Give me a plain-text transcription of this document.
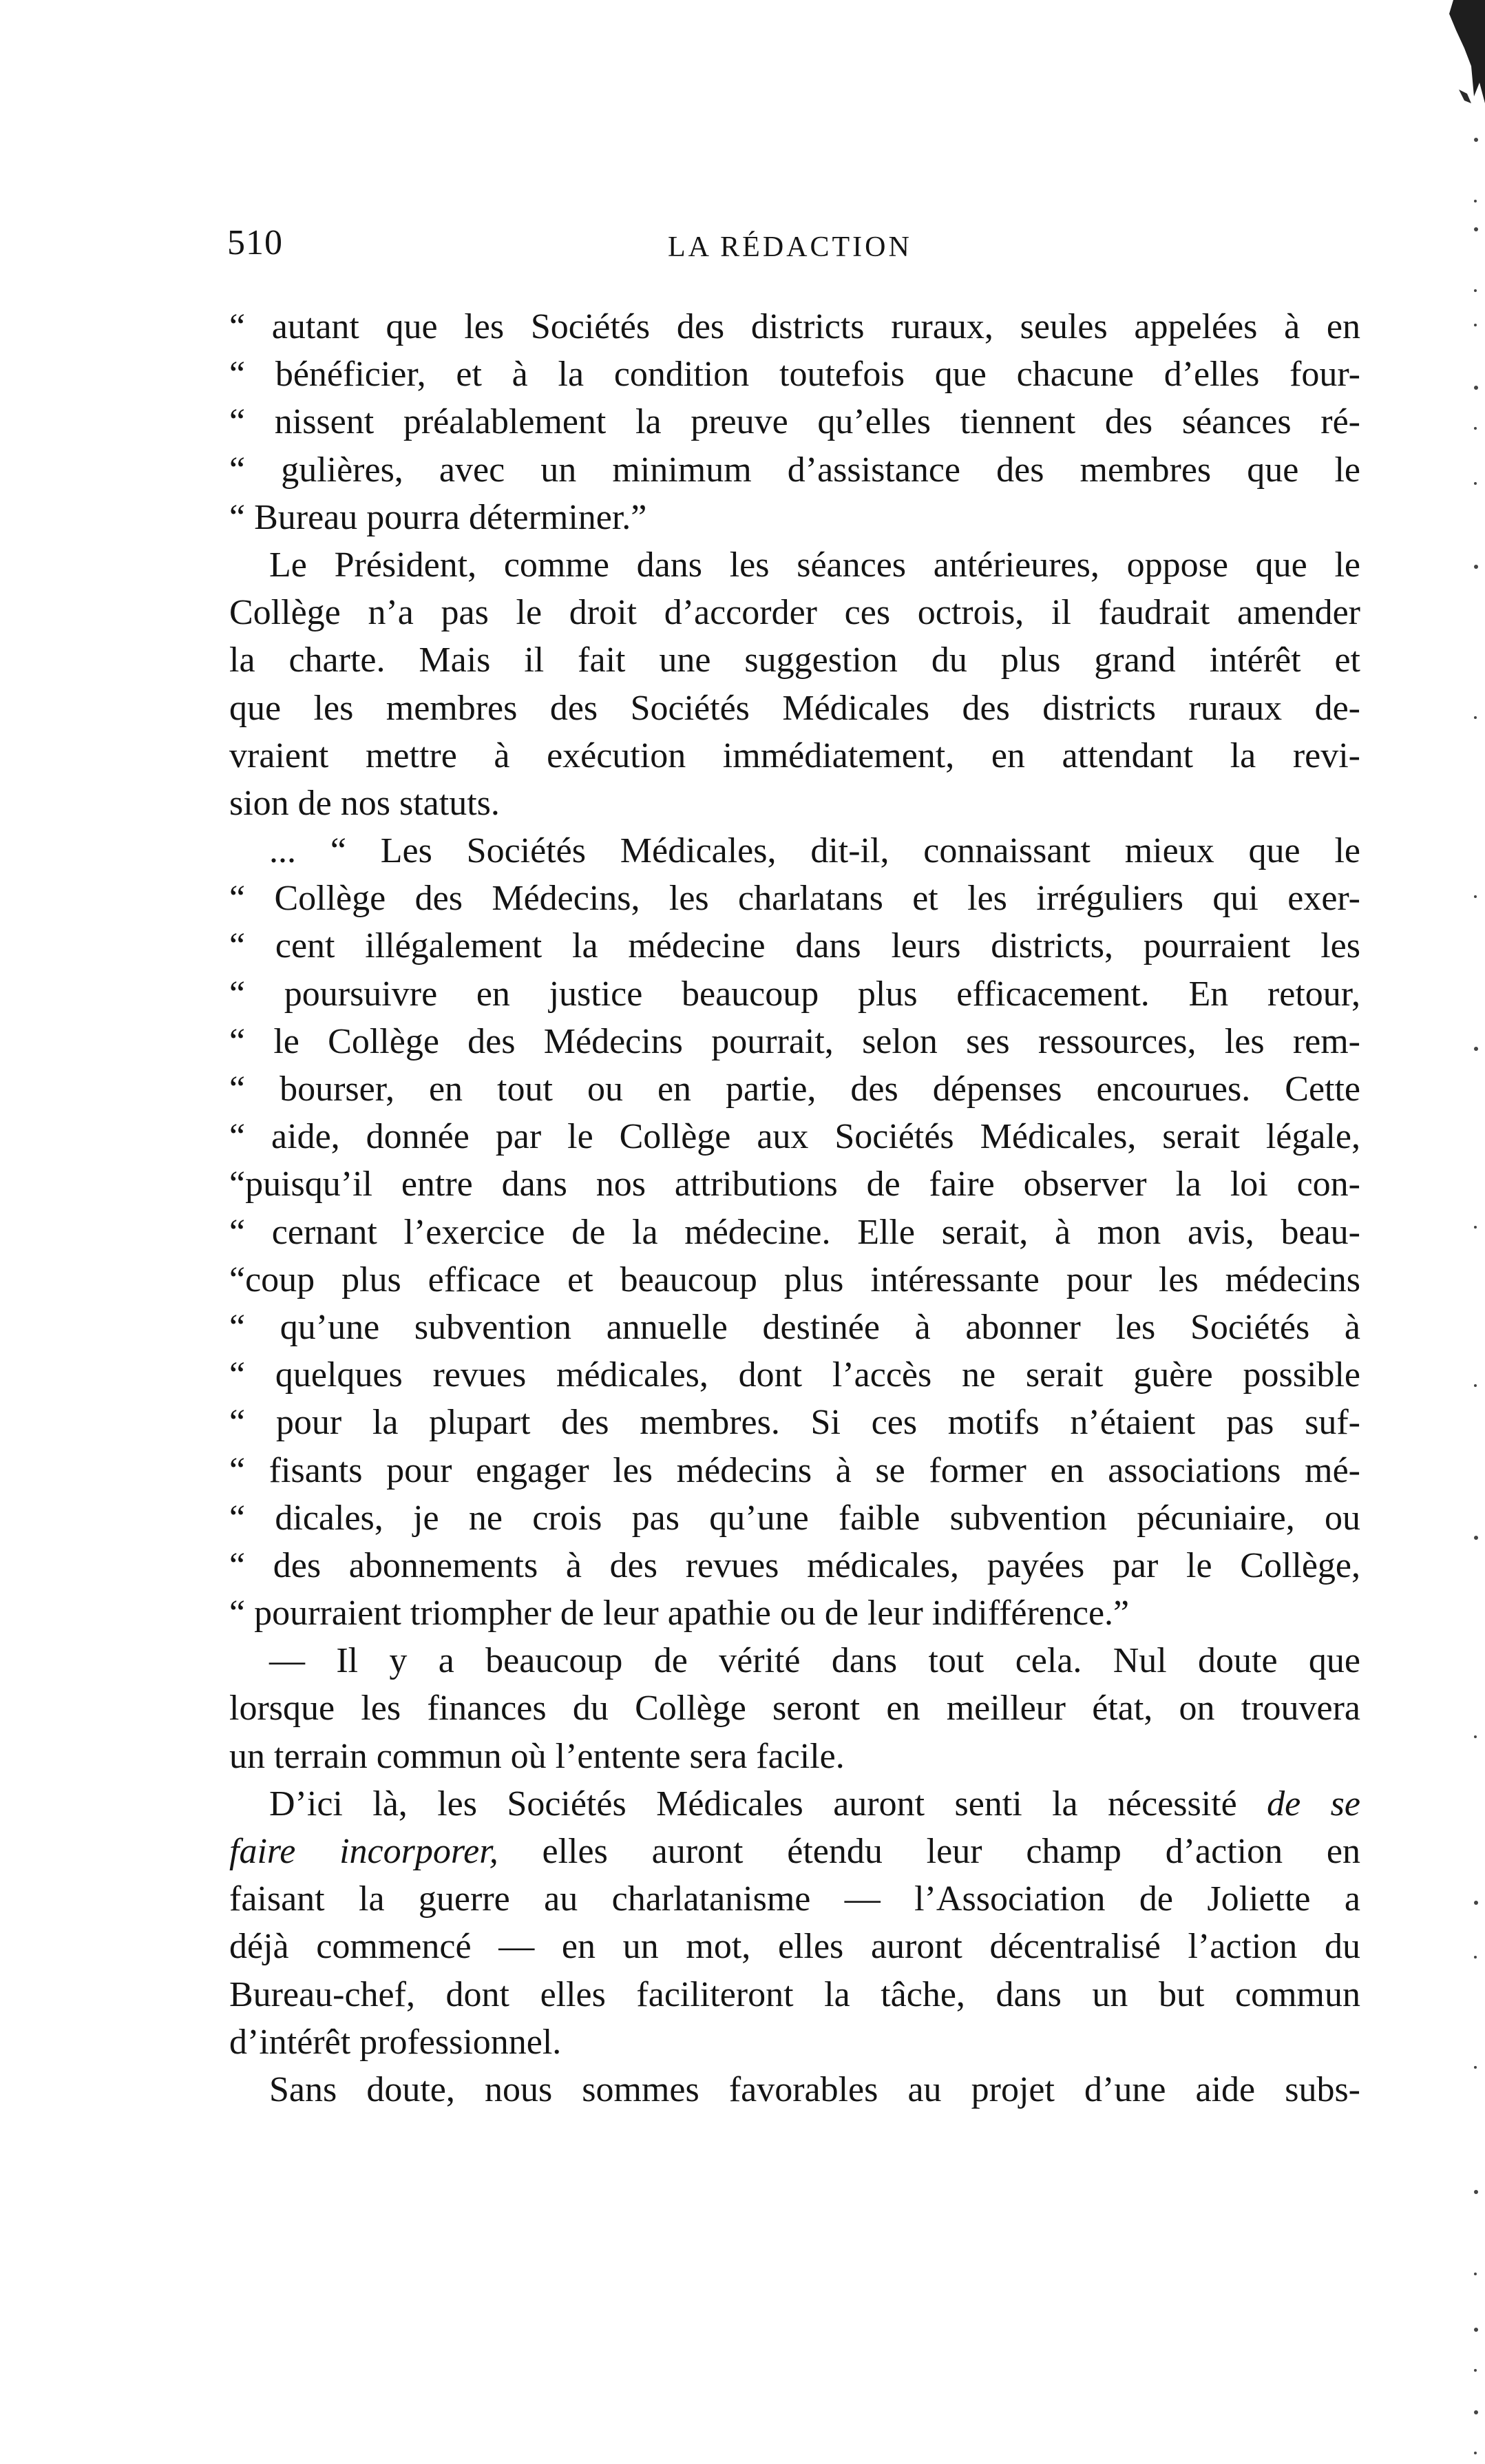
510	LA RÉDACTION
“ autant que les Sociétés des districts ruraux, seules appelées à en
“ bénéficier, et à la condition toutefois que chacune d’elles four-
“ nissent préalablement la preuve qu’elles tiennent des séances ré-
“ gulières, avec un minimum d’assistance des membres que le
“ Bureau pourra déterminer.”
Le Président, comme dans les séances antérieures, oppose que le
Collège n’a pas le droit d’accorder ces octrois, il faudrait amender
la charte. Mais il fait une suggestion du plus grand intérêt et
que les membres des Sociétés Médicales des districts ruraux de-
vraient mettre à exécution immédiatement, en attendant la revi-
sion de nos statuts.
... “ Les Sociétés Médicales, dit-il, connaissant mieux que le
“ Collège des Médecins, les charlatans et les irréguliers qui exer-
“ cent illégalement la médecine dans leurs districts, pourraient les
“ poursuivre en justice beaucoup plus efficacement. En retour,
“ le Collège des Médecins pourrait, selon ses ressources, les rem-
“ bourser, en tout ou en partie, des dépenses encourues. Cette
“ aide, donnée par le Collège aux Sociétés Médicales, serait légale,
“puisqu’il entre dans nos attributions de faire observer la loi con-
“ cernant l’exercice de la médecine. Elle serait, à mon avis, beau-
“coup plus efficace et beaucoup plus intéressante pour les médecins
“ qu’une subvention annuelle destinée à abonner les Sociétés à
“ quelques revues médicales, dont l’accès ne serait guère possible
“ pour la plupart des membres. Si ces motifs n’étaient pas suf-
“ fisants pour engager les médecins à se former en associations mé-
“ dicales, je ne crois pas qu’une faible subvention pécuniaire, ou
“ des abonnements à des revues médicales, payées par le Collège,
“ pourraient triompher de leur apathie ou de leur indifférence.”
— Il y a beaucoup de vérité dans tout cela. Nul doute que
lorsque les finances du Collège seront en meilleur état, on trouvera
un terrain commun où l’entente sera facile.
D’ici là, les Sociétés Médicales auront senti la nécessité de se
faire incorporer, elles auront étendu leur champ d’action en
faisant la guerre au charlatanisme — l’Association de Joliette a
déjà commencé — en un mot, elles auront décentralisé l’action du
Bureau-chef, dont elles faciliteront la tâche, dans un but commun
d’intérêt professionnel.
Sans doute, nous sommes favorables au projet d’une aide subs-
